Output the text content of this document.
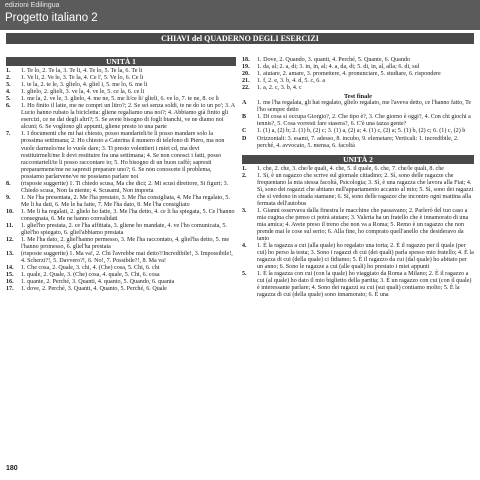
edizioni Edilingua
Progetto italiano 2
CHIAVI del QUADERNO DEGLI ESERCIZI
UNITÀ 1
1. 1. Te lo, 2. Te la, 3. Te li, 4. Te lo, 5. Te la, 6. Te li
2. 1. Ve li, 2. Ve le, 3. Te la, 4. Ce l', 5. Ve lo, 6. Ce li
3. 1. te la, 2. te le, 3. glielo, 4. gliel i, 5. me lo, 6. me li
4. 1. glielo, 2. glieli, 3. ve la, 4. ve le, 5. ce la, 6. ce li
5. 1. me la, 2. ve le, 3. glielo, 4. me ne, 5. me li/ce li/ glieli, 6. ve lo, 7. te ne, 8. ce li
6. 1. Ho finito il latte, me ne compri un litro?; 2. Se sei senza soldi, te ne do io un po'; 3. A Lucio hanno rubato la bicicletta: gliene regaliamo una noi?; 4. Abbiamo già finito gli esercizi, ce ne dai degli altri?; 5. Se avete bisogno di fogli bianchi, ve ne diamo noi alcuni; 6. Se vogliono gli appunti, gliene presto io una parte
7. 1. I documenti che mi hai chiesto, posso mandarteli/te li posso mandare solo la prossima settimana; 2. Ho chiesto a Caterina il numero di telefono di Piero, ma non vuole darmelo/me lo vuole dare; 3. Ti presto volentieri i miei cd, ma devi restituirmeli/me li devi restituire fra una settimana; 4. Se non conosci i fatti, posso raccontarteli/te li posso raccontare io; 5. Ho bisogno di un buon caffè; sapresti prepararmene/me ne sapresti preparare uno?; 6. Se non conoscete il problema, possiamo parlarvene/ve ne possiamo parlare noi
8. (risposte suggerite) 1. Ti chiedo scusa, Ma che dici; 2. Mi scusi direttore, Si figuri; 3. Chiedo scusa, Non fa niente; 4. Scusami, Non importa
9. 1. Ne l'ha presentata, 2. Me l'ha prestato, 3. Me l'ha consigliata, 4. Me l'ha regalato, 5. Me li ha dati, 6. Me le ha fatte, 7. Me l'ha dato, 8. Me l'ha consigliato
10. 1. Me li ha regalati, 2. glielo ho fatte, 3. Me l'ha detto, 4. ce li ha spiegata, 5. Ce l'hanno consegnata, 6. Me ne hanno convalidati
11. 1. gliel'ho prestata, 2. ce l'ha affittata, 3. gliene ho mandate, 4. ve l'ho comunicata, 5. gliel'ho spiegato, 6. gliel'abbiamo prestata
12. 1. Me l'ha dato, 2. gliel'hanno permesso, 3. Me l'ha raccontato, 4. gliel'ha detto, 5. me l'hanno promesso, 6. gliel'ha prestata
13. (risposte suggerite) 1. Ma va!, 2. Chi l'avrebbe mai detto?/Incredibile!, 3. Impossibile!, 4. Scherzi?!, 5. Davvero?!, 6. No!, 7. Possibile?!, 8. Ma va!
14. 1. Che cosa, 2. Quale, 3. chi, 4. (Che) cosa, 5. Chi, 6. chi
15. 1. quale, 2. Quale, 3. (Che) cosa, 4. quale, 5. Chi, 6. cosa
16. 1. quante, 2. Perché, 3. Quanti, 4. quanto, 5. Quando, 6. quanta
17. 1. dove, 2. Perché, 3. Quanti, 4. Quanto, 5. Perché, 6. Quale
18. 1. Dove, 2. Quando, 3. quanti, 4. Perché, 5. Quante, 6. Quando
19. 1. da, al; 2. a, di; 3. in, in, al; 4. a, da, di; 5. di, in, al, alla; 6. di, sul
20. 1. aiutare, 2. amare, 3. promettere, 4. pronunciare, 5. studiare, 6. rispondere
21. 1. f, 2. e, 3. b, 4. d, 5. c, 6. a
22. 1. a, 2. c, 3. b, 4. c
Test finale
A 1. me l'ha regalata, gli hai regalato, glielo regalato, me l'aveva detto, ce l'hanno fatto, Te l'ho sempre detto
B 1. Di cosa si occupa Giorgio?, 2. Che tipo è?, 3. Che giorno è oggi?, 4. Con chi giochi a tennis?, 5. Cosa vorresti fare stasera?, 6. C'è una tazza gente?
C 1. (1) a, (2) b; 2. (1) b, (2) c; 3. (1) a, (2) a; 4. (1) c, (2) a; 5. (1) b, (2) c; 6. (1) c, (2) b
D Orizzontali: 3. esami, 7. adesso, 8. incubo, 9. elemetare; Verticali: 1. incredibile, 2. perché, 4. avvocato, 5. mensa, 6. facoltà
UNITÀ 2
1. 1. che, 2. che, 3. che/le quali, 4. che, 5. il quale, 6. che, 7. che/le quali, 8. che
2. 1. Sì, è un ragazzo che scrive sul giornale cittadino; 2. Sì, sono delle ragazze che frequentano la mia stessa facoltà, Psicologia; 3. Sì, è una ragazza che lavora alla Fiat; 4. Sì, sono dei ragazzi che abitano nell'appartamento accanto al mio; 5. Sì, sono dei ragazzi che si vedono in strada stamane; 6. Sì, sono delle ragazze che incontro ogni mattina alla fermata dell'autobus
3. 1. Gianni osservava dalla finestra le macchine che passavano; 2. Parlerò del tuo caso a mia cugina che penso ci potrà aiutare; 3. Valeria ha un fratello che è innamorato di una mia amica; 4. Avete preso il treno che non va a Roma; 5. Remo è un ragazzo che non prende mai le cose sul serio; 6. Alla fine, ho comprato quell'anello che desideravo da tanto
4. 1. È la ragazza a cui (alla quale) ho regalato una torta; 2. È il ragazzo per il quale (per cui) ho perso la testa; 3. Sono i ragazzi di cui (dei quali) parla spesso mio fratello; 4. È la ragazza di cui (della quale) ci fidiamo; 5. È il ragazzo da cui (dal quale) ho abitato per un anno; 6. Sono le ragazze a cui (alle quali) ho prestato i miei appunti
5. 1. È la ragazza con cui (con la quale) ho viaggiato da Roma a Milano; 2. È il ragazzo a cui (al quale) ho dato il mio biglietto della partita; 3. È un ragazzo con cui (con il quale) è interessante parlare; 4. Sono dei ragazzi su cui (sui quali) contiamo molto; 5. È la ragazza di cui (della quale) sono innamorato; 6. È una
180
